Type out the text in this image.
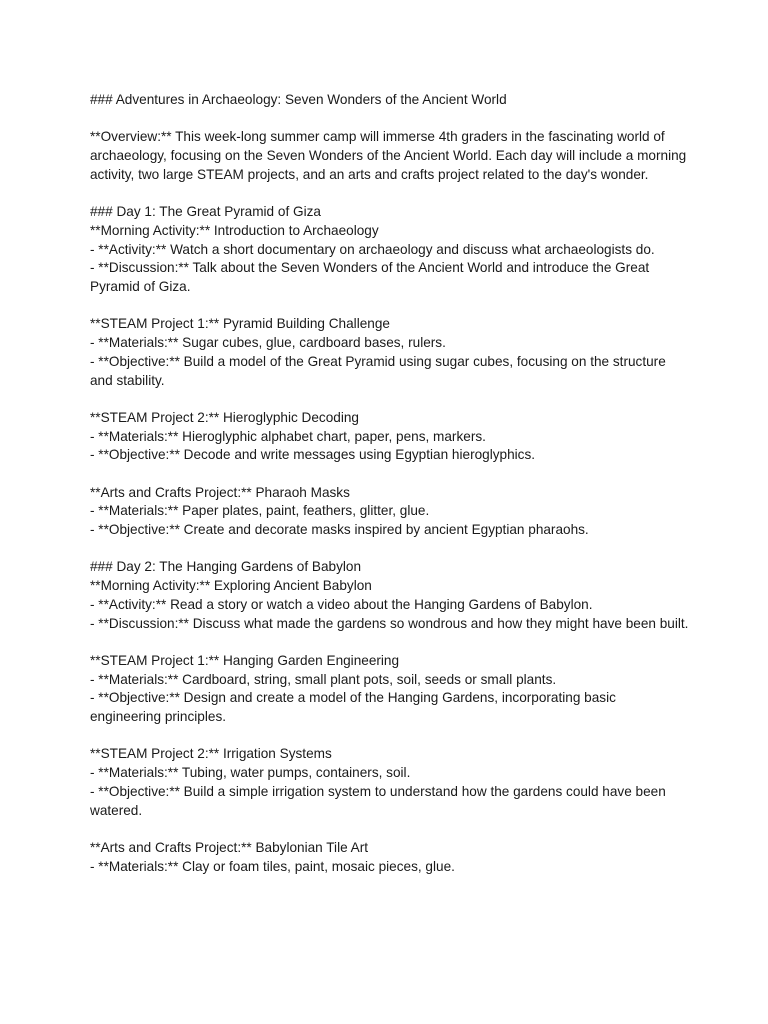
### Adventures in Archaeology: Seven Wonders of the Ancient World

**Overview:** This week-long summer camp will immerse 4th graders in the fascinating world of archaeology, focusing on the Seven Wonders of the Ancient World. Each day will include a morning activity, two large STEAM projects, and an arts and crafts project related to the day's wonder.

### Day 1: The Great Pyramid of Giza

**Morning Activity:** Introduction to Archaeology

- **Activity:** Watch a short documentary on archaeology and discuss what archaeologists do.

- **Discussion:** Talk about the Seven Wonders of the Ancient World and introduce the Great Pyramid of Giza.

**STEAM Project 1:** Pyramid Building Challenge

- **Materials:** Sugar cubes, glue, cardboard bases, rulers.

- **Objective:** Build a model of the Great Pyramid using sugar cubes, focusing on the structure and stability.

**STEAM Project 2:** Hieroglyphic Decoding

- **Materials:** Hieroglyphic alphabet chart, paper, pens, markers.

- **Objective:** Decode and write messages using Egyptian hieroglyphics.

**Arts and Crafts Project:** Pharaoh Masks

- **Materials:** Paper plates, paint, feathers, glitter, glue.

- **Objective:** Create and decorate masks inspired by ancient Egyptian pharaohs.

### Day 2: The Hanging Gardens of Babylon

**Morning Activity:** Exploring Ancient Babylon

- **Activity:** Read a story or watch a video about the Hanging Gardens of Babylon.

- **Discussion:** Discuss what made the gardens so wondrous and how they might have been built.

**STEAM Project 1:** Hanging Garden Engineering

- **Materials:** Cardboard, string, small plant pots, soil, seeds or small plants.

- **Objective:** Design and create a model of the Hanging Gardens, incorporating basic engineering principles.

**STEAM Project 2:** Irrigation Systems

- **Materials:** Tubing, water pumps, containers, soil.

- **Objective:** Build a simple irrigation system to understand how the gardens could have been watered.

**Arts and Crafts Project:** Babylonian Tile Art

- **Materials:** Clay or foam tiles, paint, mosaic pieces, glue.
